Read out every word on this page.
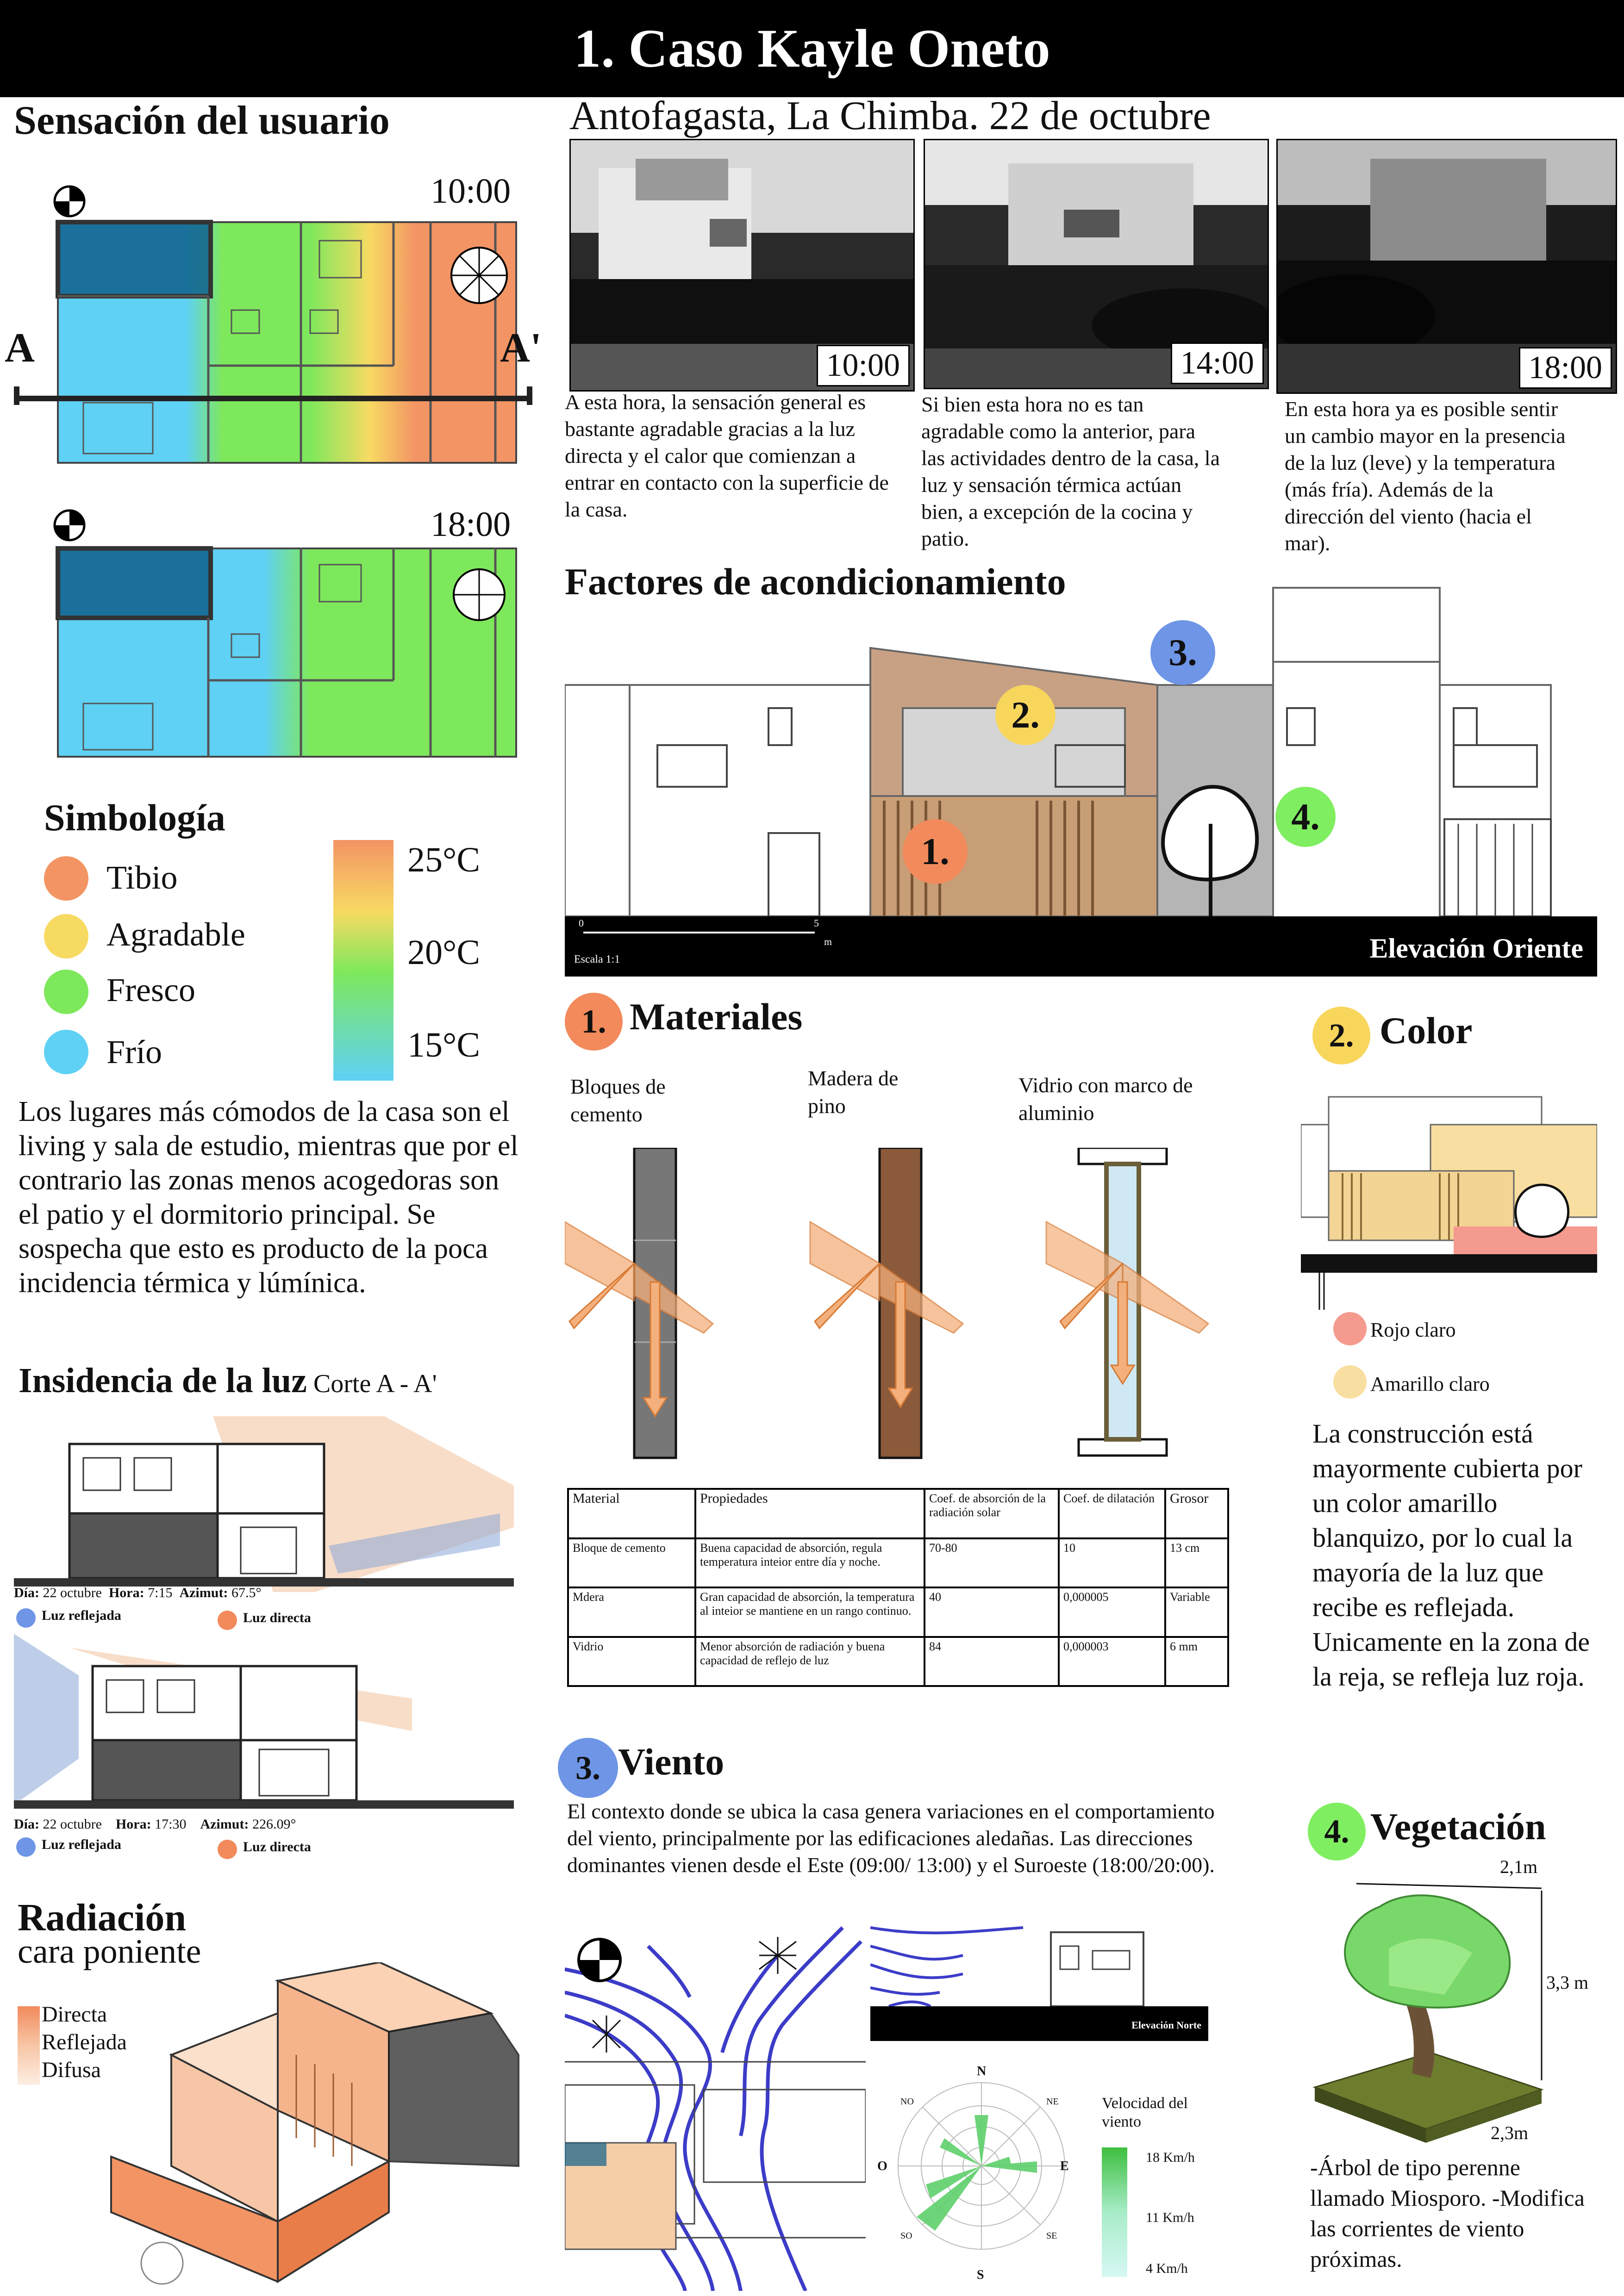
1. Caso Kayle Oneto
Sensación del usuario
10:00
A	A'
18:00
Simbología
Tibio
Agradable
Fresco
Frío
25°C
20°C
15°C
Los lugares más cómodos de la casa son el living y sala de estudio, mientras que por el contrario las zonas menos acogedoras son el patio y el dormitorio principal. Se sospecha que esto es producto de la poca incidencia térmica y lúmínica.
Insidencia de la luz Corte A - A'
Día: 22 octubre Hora: 7:15 Azimut: 67.5°
Luz reflejada	Luz directa
Día: 22 octubre Hora: 17:30 Azimut: 226.09°
Luz reflejada	Luz directa
Radiación
cara poniente
Directa
Reflejada
Difusa
Antofagasta, La Chimba. 22 de octubre
10:00	14:00	18:00
A esta hora, la sensación general es bastante agradable gracias a la luz directa y el calor que comienzan a entrar en contacto con la superficie de la casa.
Si bien esta hora no es tan agradable como la anterior, para las actividades dentro de la casa, la luz y sensación térmica actúan bien, a excepción de la cocina y patio.
En esta hora ya es posible sentir un cambio mayor en la presencia de la luz (leve) y la temperatura (más fría). Además de la dirección del viento (hacia el mar).
Factores de acondicionamiento
0	5
m
Escala 1:1	Elevación Oriente
1.
2.
3.
4.
1. Materiales
Bloques de cemento
Madera de pino
Vidrio con marco de aluminio
Material	Propiedades	Coef. de absorción de la radiación solar	Coef. de dilatación	Grosor
Bloque de cemento	Buena capacidad de absorción, regula temperatura inteior entre día y noche.	70-80	10	13 cm
Mdera	Gran capacidad de absorción, la temperatura al inteior se mantiene en un rango continuo.	40	0,000005	Variable
Vidrio	Menor absorción de radiación y buena capacidad de reflejo de luz	84	0,000003	6 mm
3. Viento
El contexto donde se ubica la casa genera variaciones en el comportamiento del viento, principalmente por las edificaciones aledañas. Las direcciones dominantes vienen desde el Este (09:00/ 13:00) y el Suroeste (18:00/20:00).
Elevación Norte
N
S
E
O
NE
NO
SE
SO
Velocidad del viento
18 Km/h
11 Km/h
4 Km/h
2. Color
Rojo claro
Amarillo claro
La construcción está mayormente cubierta por un color amarillo blanquizo, por lo cual la mayoría de la luz que recibe es reflejada. Unicamente en la zona de la reja, se refleja luz roja.
4. Vegetación
2,1m
3,3 m
2,3m
-Árbol de tipo perenne llamado Miosporo. -Modifica las corrientes de viento próximas.
